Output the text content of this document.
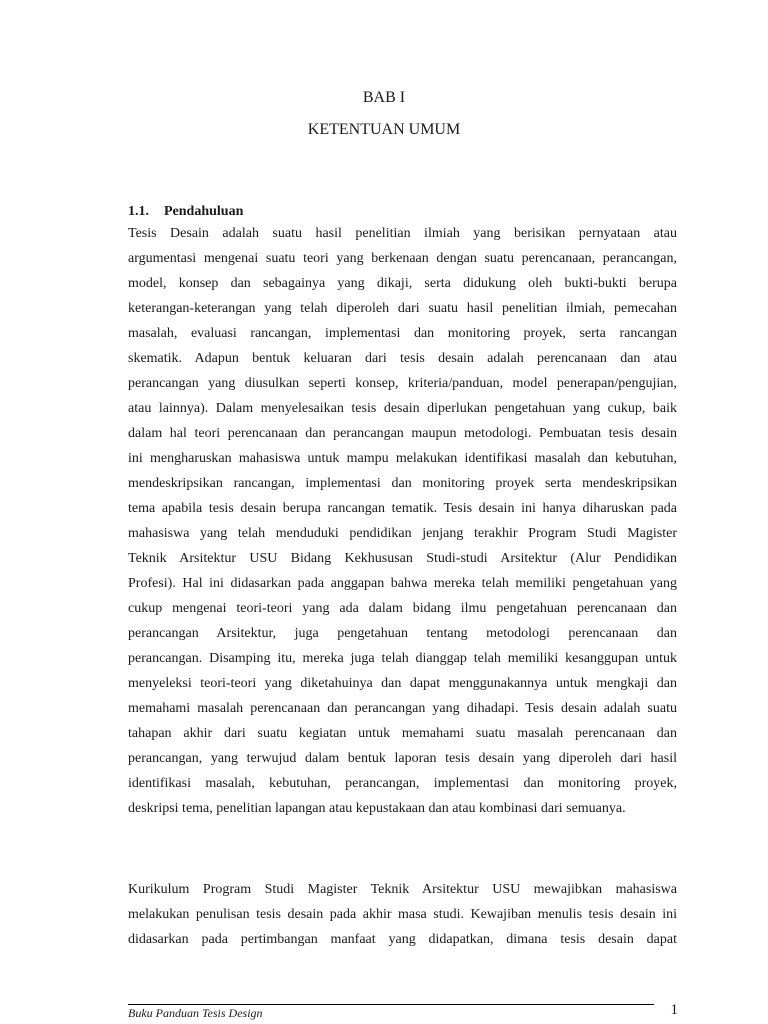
BAB I
KETENTUAN UMUM
1.1. Pendahuluan
Tesis Desain adalah suatu hasil penelitian ilmiah yang berisikan pernyataan atau
argumentasi mengenai suatu teori yang berkenaan dengan suatu perencanaan, perancangan,
model, konsep dan sebagainya yang dikaji, serta didukung oleh bukti-bukti berupa
keterangan-keterangan yang telah diperoleh dari suatu hasil penelitian ilmiah, pemecahan
masalah, evaluasi rancangan, implementasi dan monitoring proyek, serta rancangan
skematik. Adapun bentuk keluaran dari tesis desain adalah perencanaan dan atau
perancangan yang diusulkan seperti konsep, kriteria/panduan, model penerapan/pengujian,
atau lainnya). Dalam menyelesaikan tesis desain diperlukan pengetahuan yang cukup, baik
dalam hal teori perencanaan dan perancangan maupun metodologi. Pembuatan tesis desain
ini mengharuskan mahasiswa untuk mampu melakukan identifikasi masalah dan kebutuhan,
mendeskripsikan rancangan, implementasi dan monitoring proyek serta mendeskripsikan
tema apabila tesis desain berupa rancangan tematik. Tesis desain ini hanya diharuskan pada
mahasiswa yang telah menduduki pendidikan jenjang terakhir Program Studi Magister
Teknik Arsitektur USU Bidang Kekhususan Studi-studi Arsitektur (Alur Pendidikan
Profesi). Hal ini didasarkan pada anggapan bahwa mereka telah memiliki pengetahuan yang
cukup mengenai teori-teori yang ada dalam bidang ilmu pengetahuan perencanaan dan
perancangan Arsitektur, juga pengetahuan tentang metodologi perencanaan dan
perancangan. Disamping itu, mereka juga telah dianggap telah memiliki kesanggupan untuk
menyeleksi teori-teori yang diketahuinya dan dapat menggunakannya untuk mengkaji dan
memahami masalah perencanaan dan perancangan yang dihadapi. Tesis desain adalah suatu
tahapan akhir dari suatu kegiatan untuk memahami suatu masalah perencanaan dan
perancangan, yang terwujud dalam bentuk laporan tesis desain yang diperoleh dari hasil
identifikasi masalah, kebutuhan, perancangan, implementasi dan monitoring proyek,
deskripsi tema, penelitian lapangan atau kepustakaan dan atau kombinasi dari semuanya.
Kurikulum Program Studi Magister Teknik Arsitektur USU mewajibkan mahasiswa
melakukan penulisan tesis desain pada akhir masa studi. Kewajiban menulis tesis desain ini
didasarkan pada pertimbangan manfaat yang didapatkan, dimana tesis desain dapat
Buku Panduan Tesis Design	1
